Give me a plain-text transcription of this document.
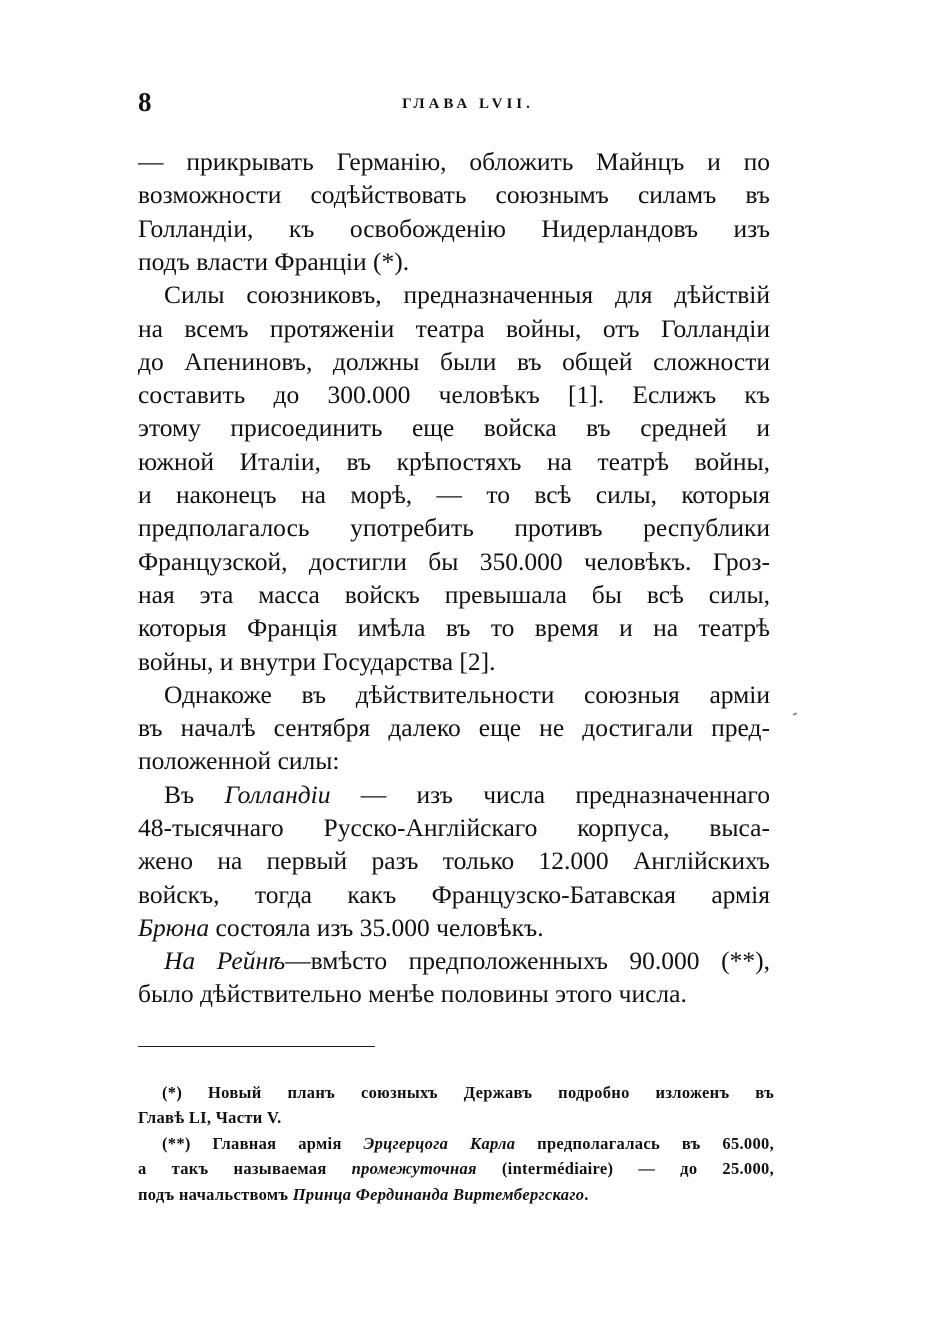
8	ГЛАВА LVII.
— прикрывать Германію, обложить Майнцъ и по
возможности содѣйствовать союзнымъ силамъ въ
Голландіи, къ освобожденію Нидерландовъ изъ
подъ власти Франціи (*).
Силы союзниковъ, предназначенныя для дѣйствій
на всемъ протяженіи театра войны, отъ Голландіи
до Апениновъ, должны были въ общей сложности
составить до 300.000 человѣкъ [1]. Еслижъ къ
этому присоединить еще войска въ средней и
южной Италіи, въ крѣпостяхъ на театрѣ войны,
и наконецъ на морѣ, — то всѣ силы, которыя
предполагалось употребить противъ республики
Французской, достигли бы 350.000 человѣкъ. Гроз-
ная эта масса войскъ превышала бы всѣ силы,
которыя Франція имѣла въ то время и на театрѣ
войны, и внутри Государства [2].
Однакоже въ дѣйствительности союзныя арміи
въ началѣ сентября далеко еще не достигали пред-
положенной силы:
Въ Голландіи — изъ числа предназначеннаго
48-тысячнаго Русско-Англійскаго корпуса, выса-
жено на первый разъ только 12.000 Англійскихъ
войскъ, тогда какъ Французско-Батавская армія
Брюна состояла изъ 35.000 человѣкъ.
На Рейнѣ—вмѣсто предположенныхъ 90.000 (**),
было дѣйствительно менѣе половины этого числа.
(*) Новый планъ союзныхъ Державъ подробно изложенъ въ
Главѣ LI, Части V.
(**) Главная армія Эрцгерцога Карла предполагалась въ 65.000,
а такъ называемая промежуточная (intermédiaire) — до 25.000,
подъ начальствомъ Принца Фердинанда Виртембергскаго.
